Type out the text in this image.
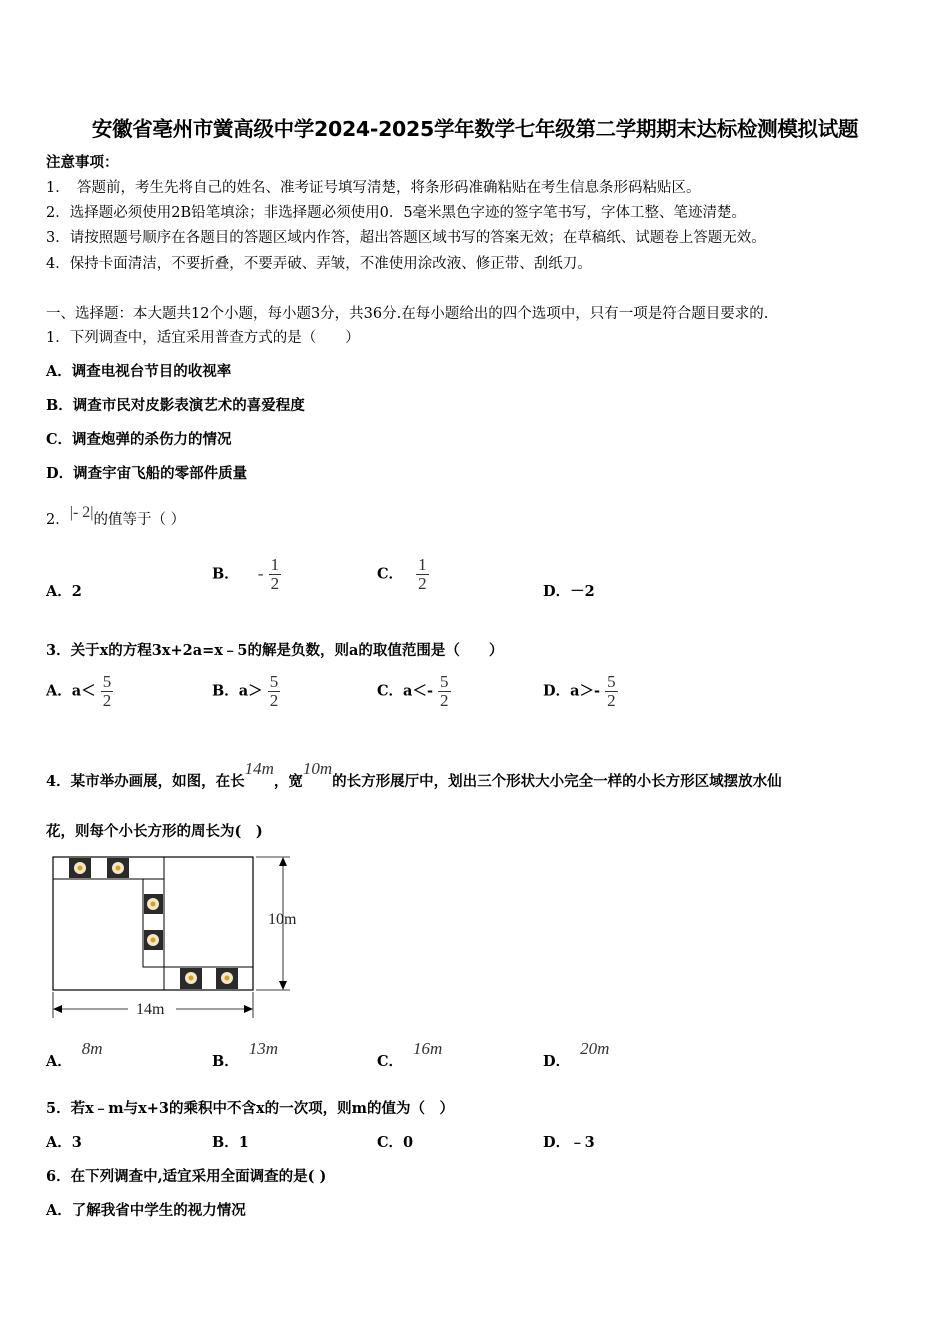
安徽省亳州市黉高级中学2024-2025学年数学七年级第二学期期末达标检测模拟试题
注意事项：
1．　答题前，考生先将自己的姓名、准考证号填写清楚，将条形码准确粘贴在考生信息条形码粘贴区。
2．选择题必须使用2B铅笔填涂；非选择题必须使用0．5毫米黑色字迹的签字笔书写，字体工整、笔迹清楚。
3．请按照题号顺序在各题目的答题区域内作答，超出答题区域书写的答案无效；在草稿纸、试题卷上答题无效。
4．保持卡面清洁，不要折叠，不要弄破、弄皱，不准使用涂改液、修正带、刮纸刀。
一、选择题：本大题共12个小题，每小题3分，共36分.在每小题给出的四个选项中，只有一项是符合题目要求的.
1．下列调查中，适宜采用普查方式的是（　　）
A．调查电视台节目的收视率
B．调查市民对皮影表演艺术的喜爱程度
C．调查炮弹的杀伤力的情况
D．调查宇宙飞船的零部件质量
2．|- 2|的值等于（ ）
A．2
B． - $\frac{1}{2}$	C． $\frac{1}{2}$	D．－2
3．关于x的方程3x+2a=x﹣5的解是负数，则a的取值范围是（　　）
A．$a< \frac{5}{2}$	B．$a> \frac{5}{2}$	C．$a<- \frac{5}{2}$	D．$a>- \frac{5}{2}$
4．某市举办画展，如图，在长14m，宽10m的长方形展厅中，划出三个形状大小完全一样的小长方形区域摆放水仙
花，则每个小长方形的周长为(　)
10m
14m
A．8m
B．13m
C．16m
D．20m
5．若x﹣m与x+3的乘积中不含x的一次项，则m的值为（　）
A．3	B．1	C．0	D．﹣3
6．在下列调查中,适宜采用全面调查的是( )
A．了解我省中学生的视力情况
